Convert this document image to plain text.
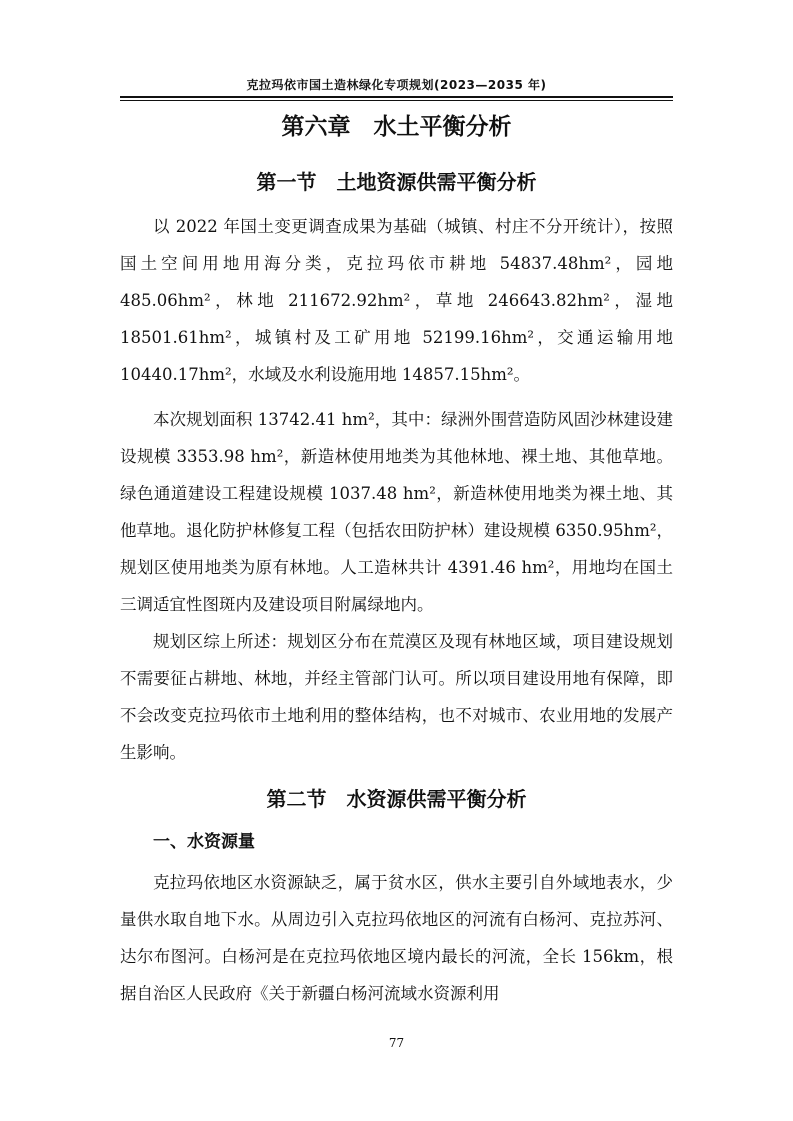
克拉玛依市国土造林绿化专项规划(2023—2035 年)
第六章　水土平衡分析
第一节　土地资源供需平衡分析

以 2022 年国土变更调查成果为基础（城镇、村庄不分开统计），按照国土空间用地用海分类，克拉玛依市耕地 54837.48hm²，园地 485.06hm²，林地 211672.92hm²，草地 246643.82hm²，湿地 18501.61hm²，城镇村及工矿用地 52199.16hm²，交通运输用地 10440.17hm²，水域及水利设施用地 14857.15hm²。

本次规划面积 13742.41 hm²，其中：绿洲外围营造防风固沙林建设建设规模 3353.98 hm²，新造林使用地类为其他林地、裸土地、其他草地。绿色通道建设工程建设规模 1037.48 hm²，新造林使用地类为裸土地、其他草地。退化防护林修复工程（包括农田防护林）建设规模 6350.95hm²，规划区使用地类为原有林地。人工造林共计 4391.46 hm²，用地均在国土三调适宜性图斑内及建设项目附属绿地内。

规划区综上所述：规划区分布在荒漠区及现有林地区域，项目建设规划不需要征占耕地、林地，并经主管部门认可。所以项目建设用地有保障，即不会改变克拉玛依市土地利用的整体结构，也不对城市、农业用地的发展产生影响。

第二节　水资源供需平衡分析
一、水资源量

克拉玛依地区水资源缺乏，属于贫水区，供水主要引自外域地表水，少量供水取自地下水。从周边引入克拉玛依地区的河流有白杨河、克拉苏河、达尔布图河。白杨河是在克拉玛依地区境内最长的河流，全长 156km，根据自治区人民政府《关于新疆白杨河流域水资源利用

77
